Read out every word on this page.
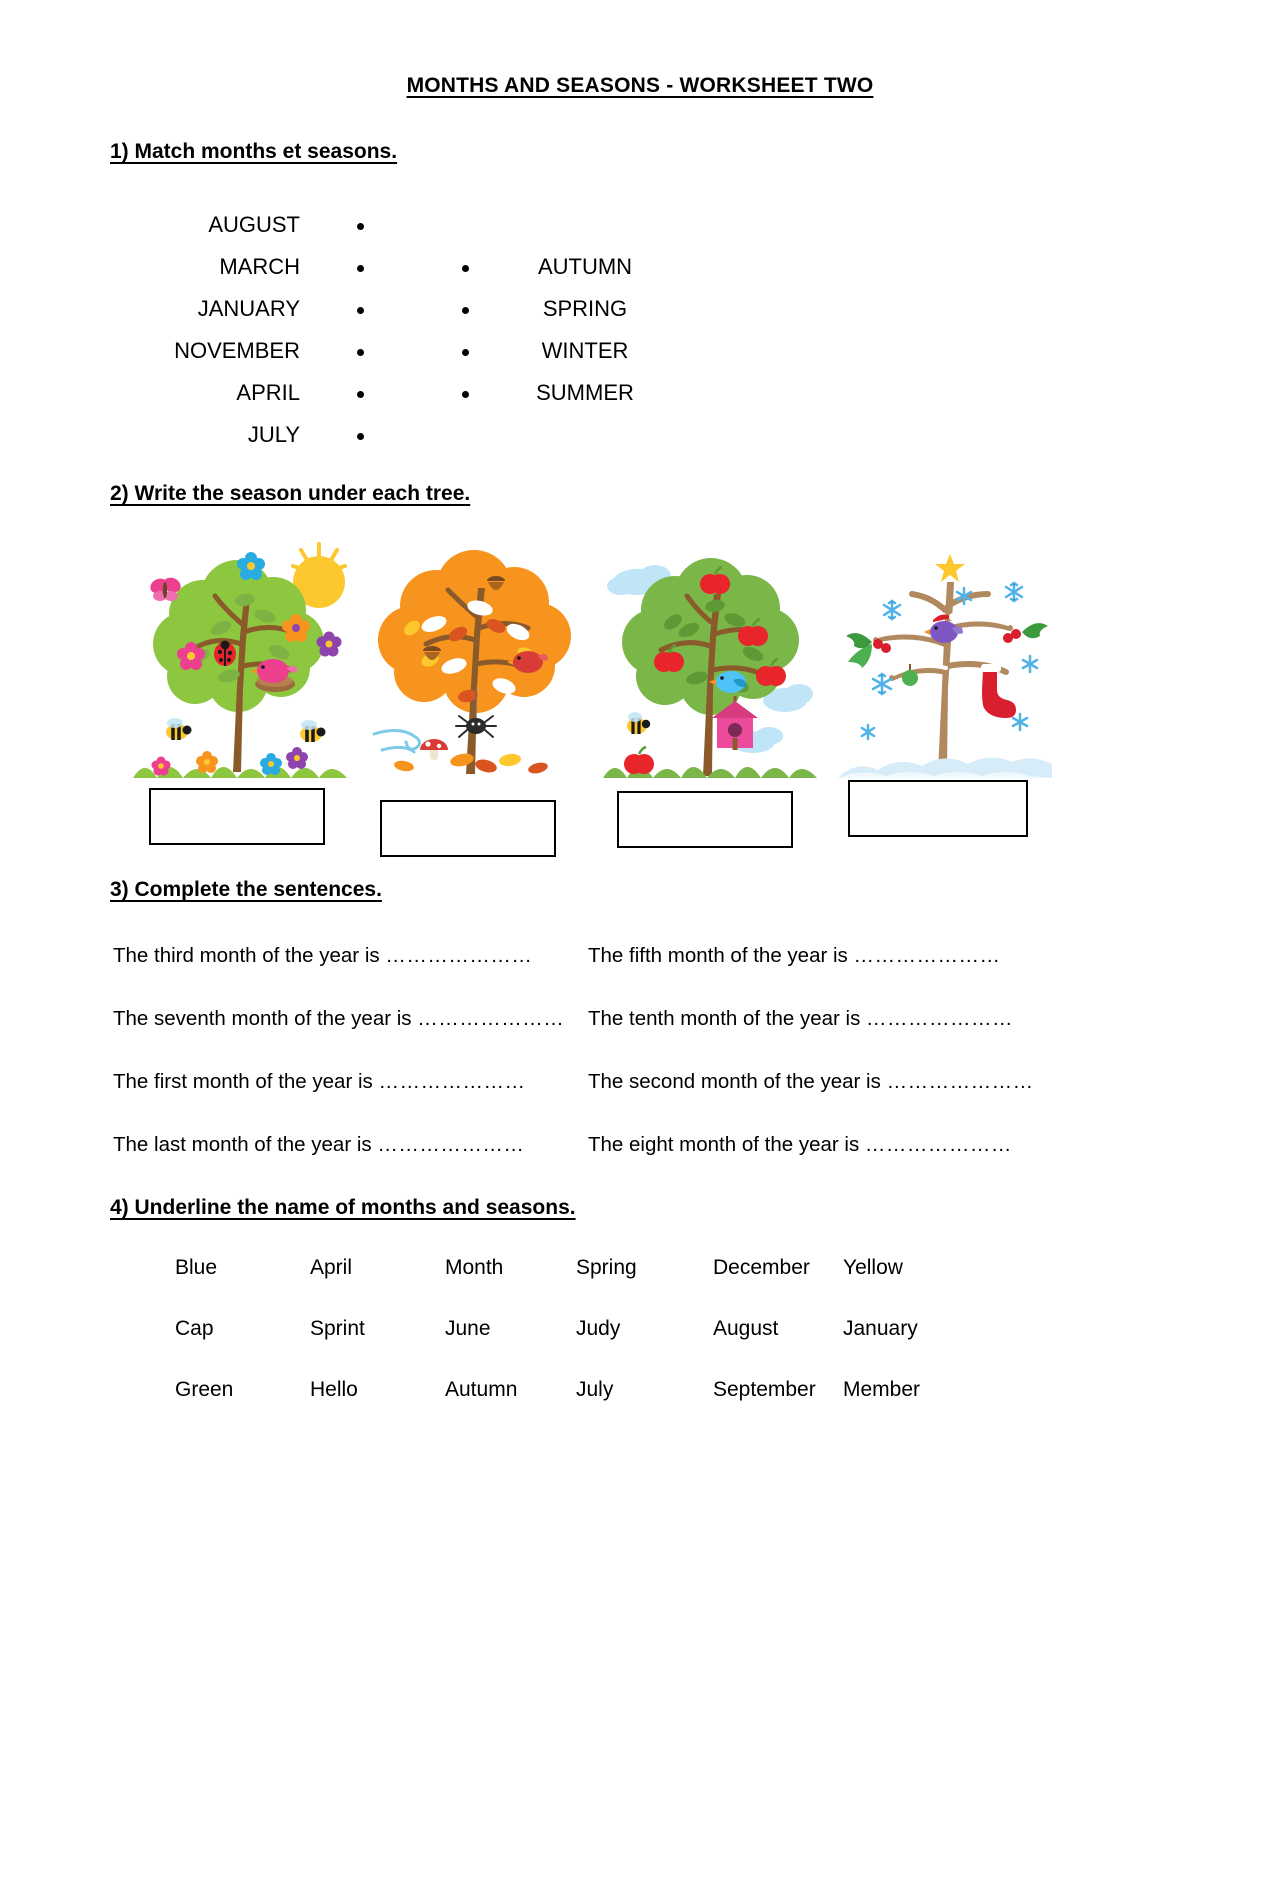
MONTHS AND SEASONS - WORKSHEET TWO
1) Match months et seasons.
AUGUST
MARCH	AUTUMN
JANUARY	SPRING
NOVEMBER	WINTER
APRIL	SUMMER
JULY
2) Write the season under each tree.
3) Complete the sentences.
The third month of the year is …………………	The fifth month of the year is …………………
The seventh month of the year is …………………	The tenth month of the year is …………………
The first month of the year is …………………	The second month of the year is …………………
The last month of the year is …………………	The eight month of the year is …………………
4) Underline the name of months and seasons.
Blue	April	Month	Spring	December	Yellow
Cap	Sprint	June	Judy	August	January
Green	Hello	Autumn	July	September	Member
